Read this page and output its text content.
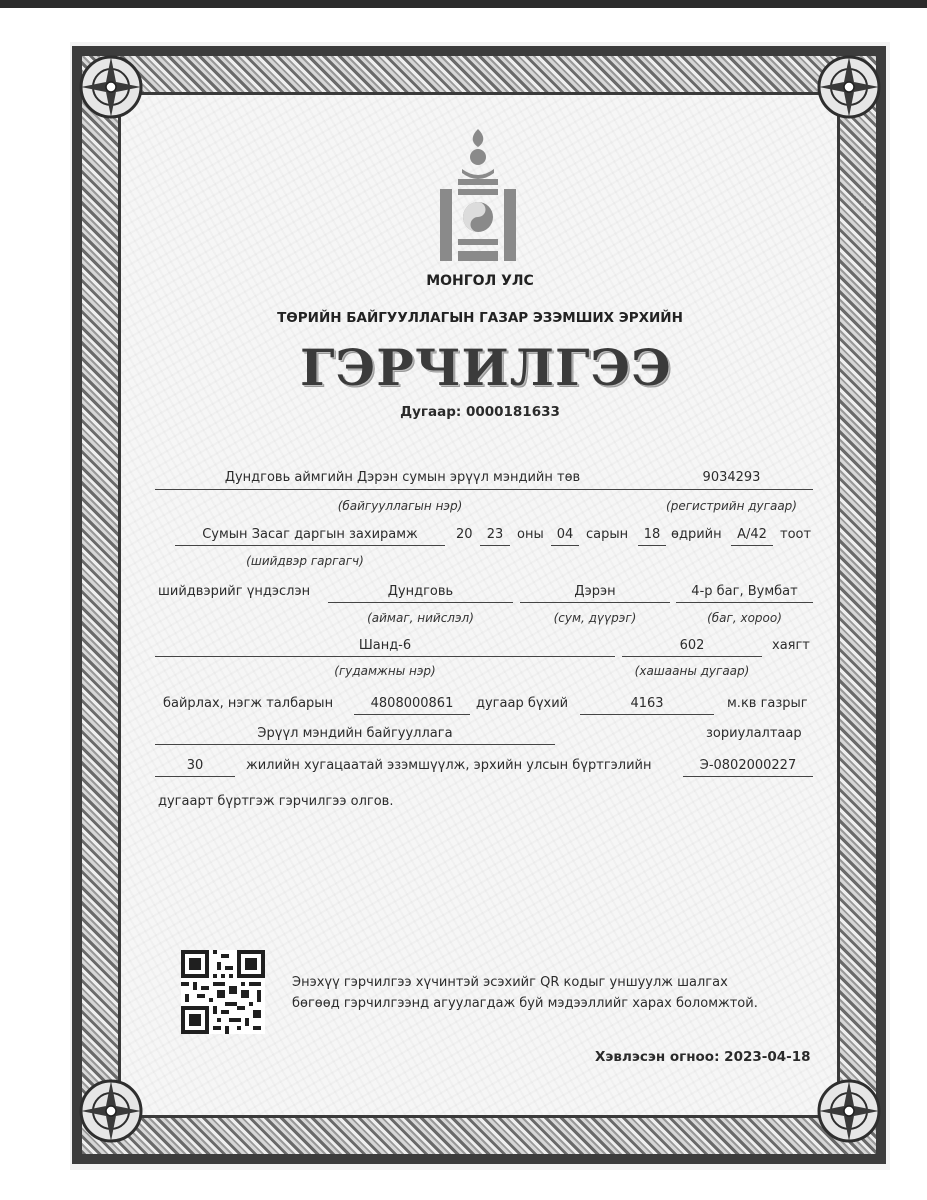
МОНГОЛ УЛС
ТӨРИЙН БАЙГУУЛЛАГЫН ГАЗАР ЭЗЭМШИХ ЭРХИЙН
ГЭРЧИЛГЭЭ
Дугаар: 0000181633
Дундговь аймгийн Дэрэн сумын эрүүл мэндийн төв	9034293
(байгууллагын нэр)	(регистрийн дугаар)
Сумын Засаг даргын захирамж	20	23	оны	04 сарын	18 өдрийн	А/42	тоот
(шийдвэр гаргагч)
шийдвэрийг үндэслэн	Дундговь	Дэрэн	4-р баг, Вумбат
(аймаг, нийслэл)	(сум, дүүрэг)	(баг, хороо)
Шанд-6	602	хаягт
(гудамжны нэр)	(хашааны дугаар)
байрлах, нэгж талбарын	4808000861	дугаар бүхий	4163	м.кв газрыг
Эрүүл мэндийн байгууллага	зориулалтаар
30	жилийн хугацаатай эзэмшүүлж, эрхийн улсын бүртгэлийн	Э-0802000227
дугаарт бүртгэж гэрчилгээ олгов.
Энэхүү гэрчилгээ хүчинтэй эсэхийг QR кодыг уншуулж шалгах
бөгөөд гэрчилгээнд агуулагдаж буй мэдээллийг харах боломжтой.
Хэвлэсэн огноо: 2023-04-18
